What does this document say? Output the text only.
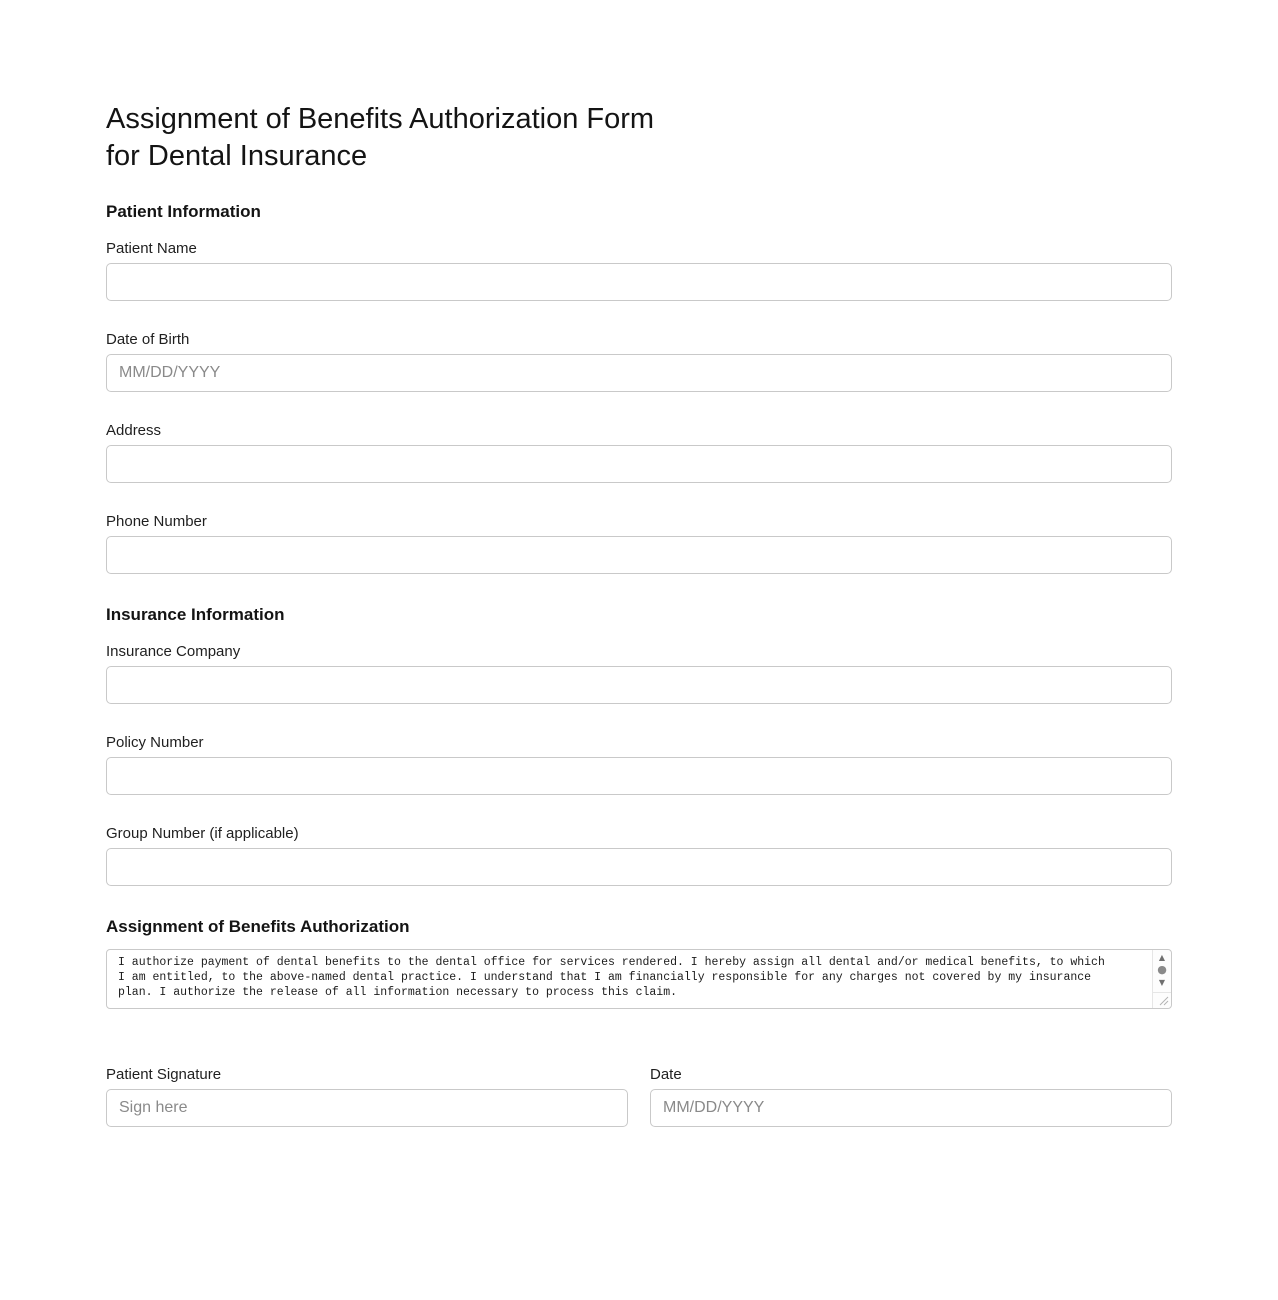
Assignment of Benefits Authorization Form
for Dental Insurance
Patient Information
Patient Name
Date of Birth
MM/DD/YYYY
Address
Phone Number
Insurance Information
Insurance Company
Policy Number
Group Number (if applicable)
Assignment of Benefits Authorization
I authorize payment of dental benefits to the dental office for services rendered. I hereby assign all dental and/or medical benefits, to which I am entitled, to the above-named dental practice. I understand that I am financially responsible for any charges not covered by my insurance plan. I authorize the release of all information necessary to process this claim.
▲
●
▼
Patient Signature
Sign here	Date
MM/DD/YYYY
